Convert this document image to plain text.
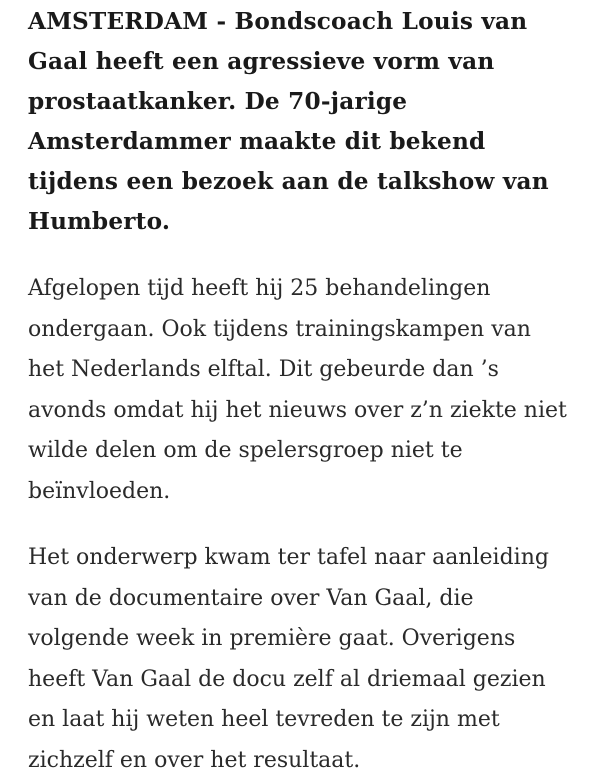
AMSTERDAM - Bondscoach Louis van
Gaal heeft een agressieve vorm van
prostaatkanker. De 70-jarige
Amsterdammer maakte dit bekend
tijdens een bezoek aan de talkshow van
Humberto.

Afgelopen tijd heeft hij 25 behandelingen
ondergaan. Ook tijdens trainingskampen van
het Nederlands elftal. Dit gebeurde dan ’s
avonds omdat hij het nieuws over z’n ziekte niet
wilde delen om de spelersgroep niet te
beïnvloeden.

Het onderwerp kwam ter tafel naar aanleiding
van de documentaire over Van Gaal, die
volgende week in première gaat. Overigens
heeft Van Gaal de docu zelf al driemaal gezien
en laat hij weten heel tevreden te zijn met
zichzelf en over het resultaat.
